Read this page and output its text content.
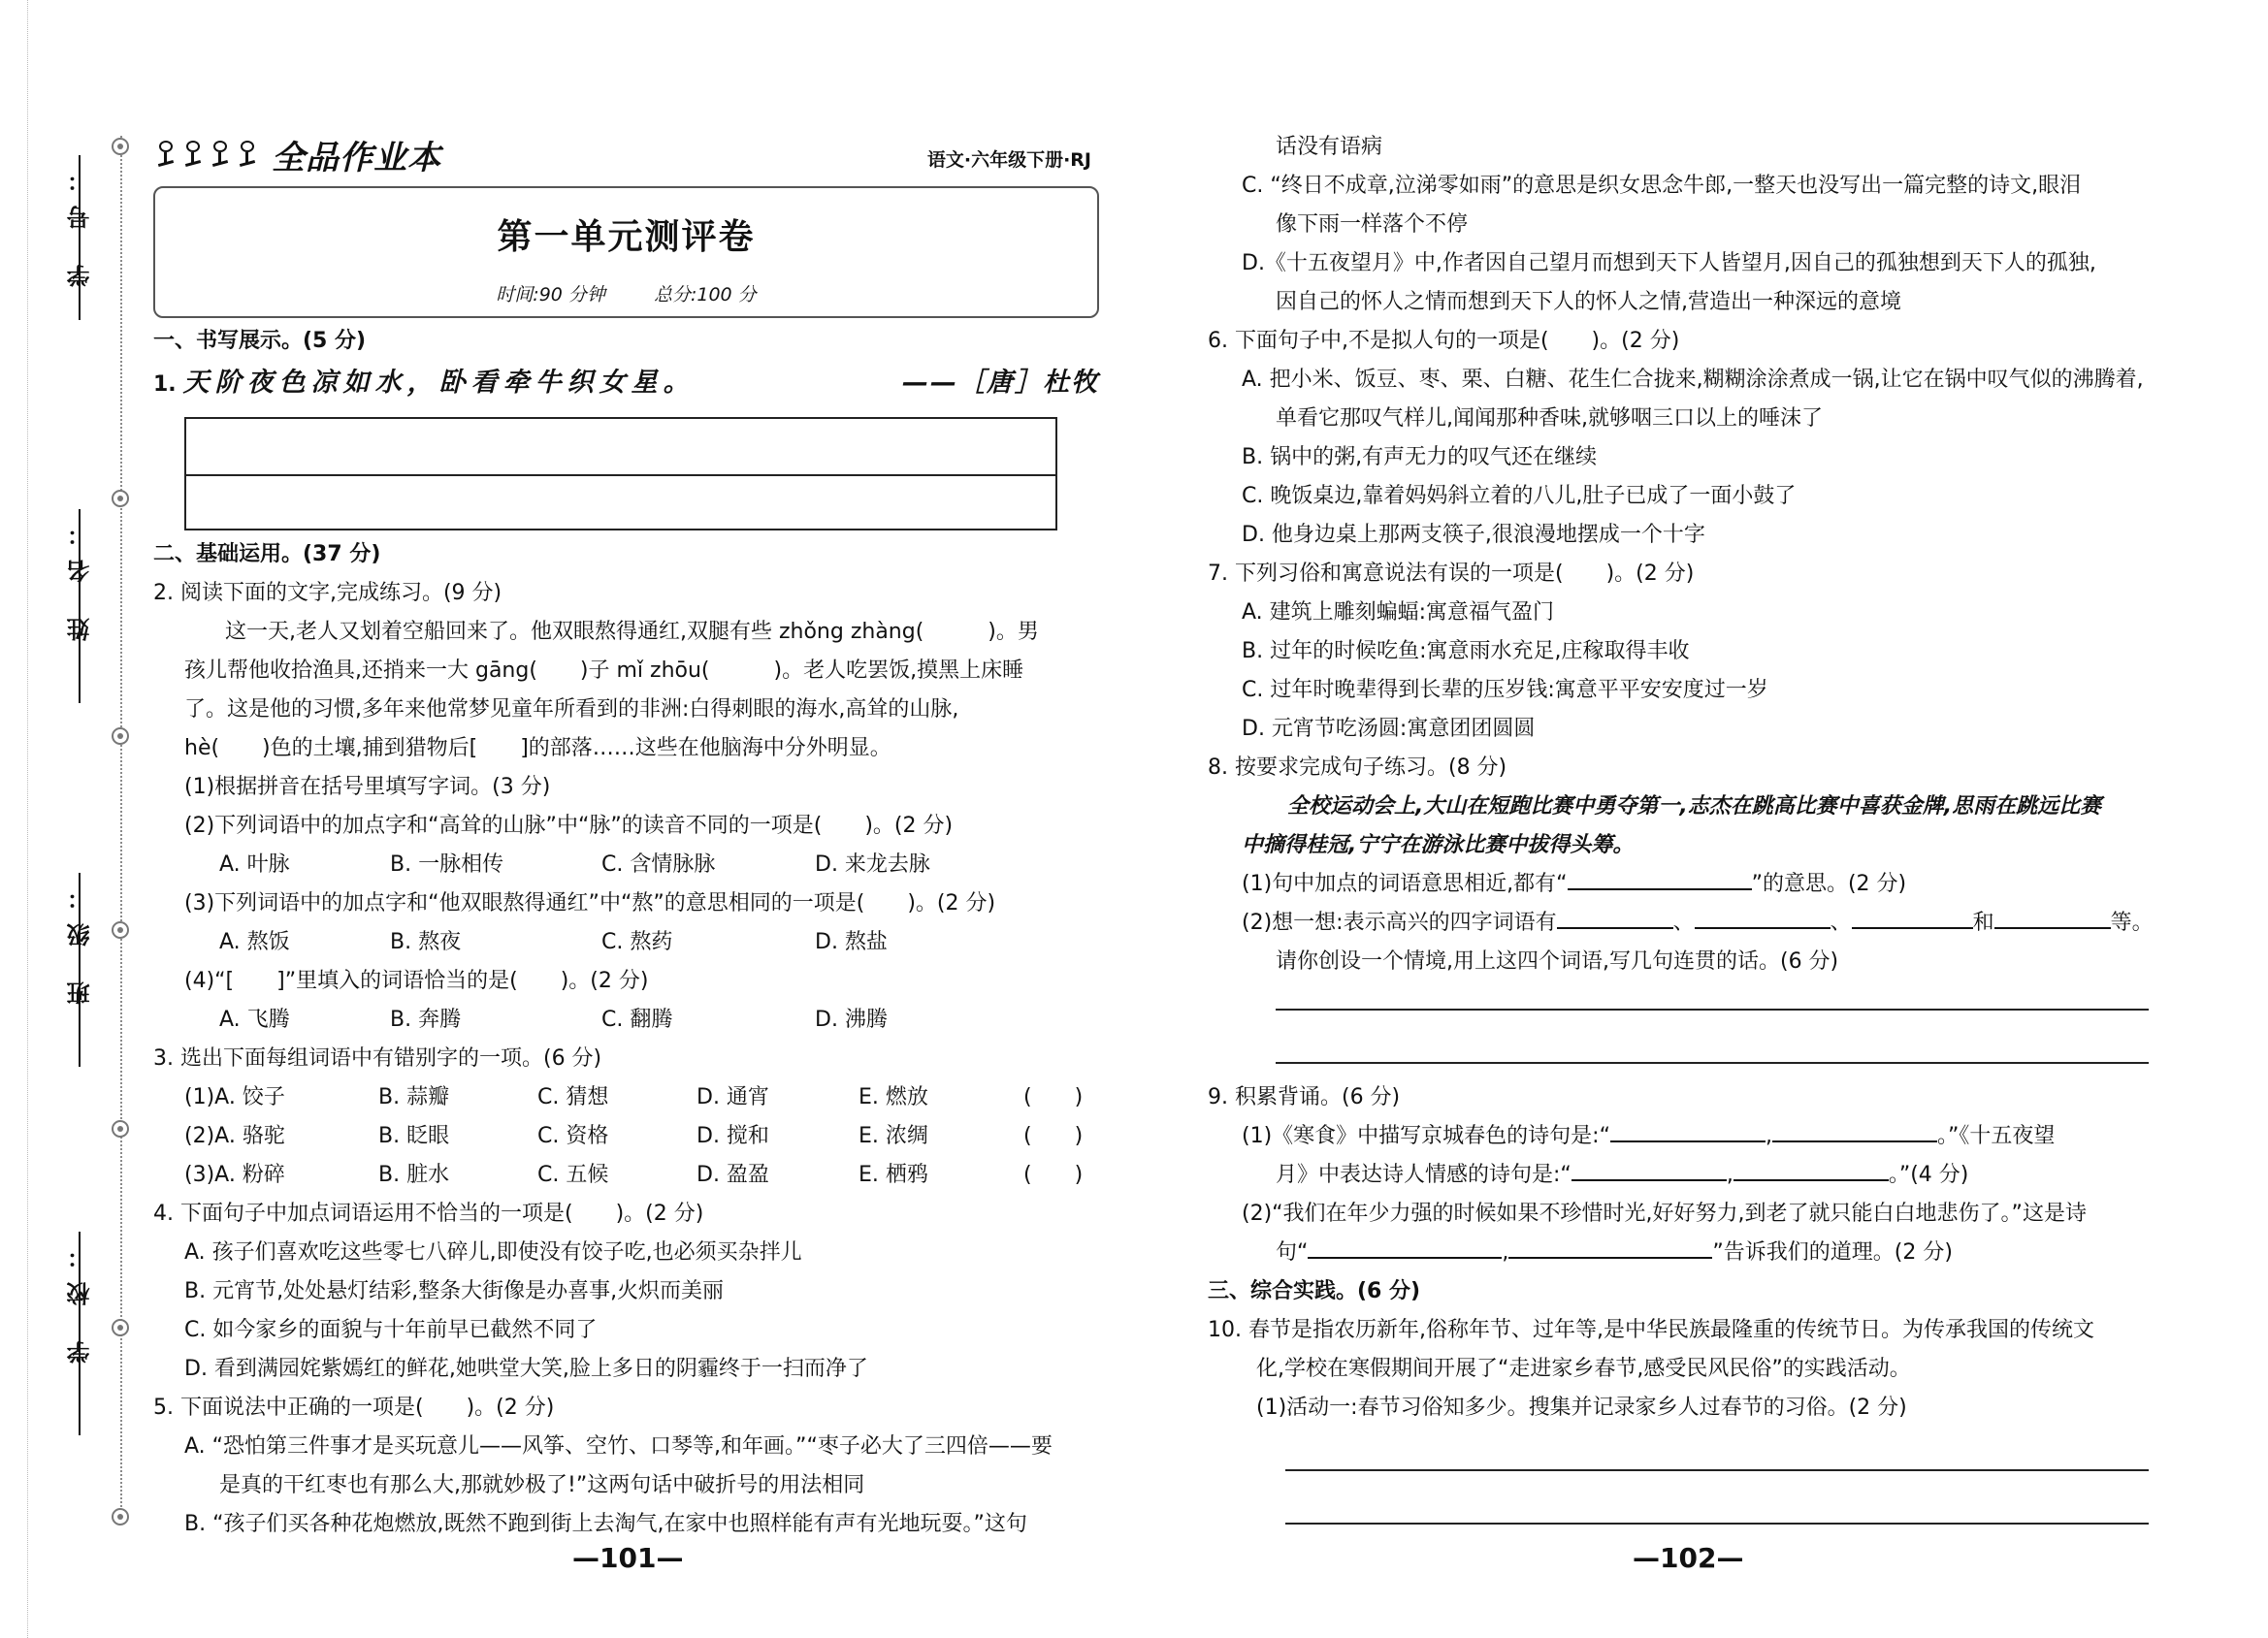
学 号：
姓 名：
班 级：
学 校：
全品作业本	语文·六年级下册·RJ
第一单元测评卷
时间:90 分钟	总分:100 分
一、书写展示。(5 分)
1. 天阶夜色凉如水，卧看牵牛织女星。	——［唐］杜牧
二、基础运用。(37 分)
2. 阅读下面的文字,完成练习。(9 分)
这一天,老人又划着空船回来了。他双眼熬得通红,双腿有些 zhǒng zhàng(　　　)。男
孩儿帮他收拾渔具,还捎来一大 gāng(　　)子 mǐ zhōu(　　　)。老人吃罢饭,摸黑上床睡
了。这是他的习惯,多年来他常梦见童年所看到的非洲:白得刺眼的海水,高耸的山脉,
hè(　　)色的土壤,捕到猎物后[　　]的部落……这些在他脑海中分外明显。
(1)根据拼音在括号里填写字词。(3 分)
(2)下列词语中的加点字和“高耸的山脉”中“脉”的读音不同的一项是(　　)。(2 分)
A. 叶脉	B. 一脉相传	C. 含情脉脉	D. 来龙去脉
(3)下列词语中的加点字和“他双眼熬得通红”中“熬”的意思相同的一项是(　　)。(2 分)
A. 熬饭	B. 熬夜	C. 熬药	D. 熬盐
(4)“[　　]”里填入的词语恰当的是(　　)。(2 分)
A. 飞腾	B. 奔腾	C. 翻腾	D. 沸腾
3. 选出下面每组词语中有错别字的一项。(6 分)
(1)A. 饺子	B. 蒜瓣	C. 猜想	D. 通宵	E. 燃放	(　　)
(2)A. 骆驼	B. 眨眼	C. 资格	D. 搅和	E. 浓绸	(　　)
(3)A. 粉碎	B. 脏水	C. 五候	D. 盈盈	E. 栖鸦	(　　)
4. 下面句子中加点词语运用不恰当的一项是(　　)。(2 分)
A. 孩子们喜欢吃这些零七八碎儿,即使没有饺子吃,也必须买杂拌儿
B. 元宵节,处处悬灯结彩,整条大街像是办喜事,火炽而美丽
C. 如今家乡的面貌与十年前早已截然不同了
D. 看到满园姹紫嫣红的鲜花,她哄堂大笑,脸上多日的阴霾终于一扫而净了
5. 下面说法中正确的一项是(　　)。(2 分)
A. “恐怕第三件事才是买玩意儿——风筝、空竹、口琴等,和年画。”“枣子必大了三四倍——要
是真的干红枣也有那么大,那就妙极了!”这两句话中破折号的用法相同
B. “孩子们买各种花炮燃放,既然不跑到街上去淘气,在家中也照样能有声有光地玩耍。”这句
—101—
话没有语病
C. “终日不成章,泣涕零如雨”的意思是织女思念牛郎,一整天也没写出一篇完整的诗文,眼泪
像下雨一样落个不停
D.《十五夜望月》中,作者因自己望月而想到天下人皆望月,因自己的孤独想到天下人的孤独,
因自己的怀人之情而想到天下人的怀人之情,营造出一种深远的意境
6. 下面句子中,不是拟人句的一项是(　　)。(2 分)
A. 把小米、饭豆、枣、栗、白糖、花生仁合拢来,糊糊涂涂煮成一锅,让它在锅中叹气似的沸腾着,
单看它那叹气样儿,闻闻那种香味,就够咽三口以上的唾沫了
B. 锅中的粥,有声无力的叹气还在继续
C. 晚饭桌边,靠着妈妈斜立着的八儿,肚子已成了一面小鼓了
D. 他身边桌上那两支筷子,很浪漫地摆成一个十字
7. 下列习俗和寓意说法有误的一项是(　　)。(2 分)
A. 建筑上雕刻蝙蝠:寓意福气盈门
B. 过年的时候吃鱼:寓意雨水充足,庄稼取得丰收
C. 过年时晚辈得到长辈的压岁钱:寓意平平安安度过一岁
D. 元宵节吃汤圆:寓意团团圆圆
8. 按要求完成句子练习。(8 分)
全校运动会上,大山在短跑比赛中勇夺第一,志杰在跳高比赛中喜获金牌,思雨在跳远比赛
中摘得桂冠,宁宁在游泳比赛中拔得头筹。
(1)句中加点的词语意思相近,都有“	”的意思。(2 分)
(2)想一想:表示高兴的四字词语有	、	、	和	等。
请你创设一个情境,用上这四个词语,写几句连贯的话。(6 分)
9. 积累背诵。(6 分)
(1)《寒食》中描写京城春色的诗句是:“	,	。”《十五夜望
月》中表达诗人情感的诗句是:“	,	。”(4 分)
(2)“我们在年少力强的时候如果不珍惜时光,好好努力,到老了就只能白白地悲伤了。”这是诗
句“	,	”告诉我们的道理。(2 分)
三、综合实践。(6 分)
10. 春节是指农历新年,俗称年节、过年等,是中华民族最隆重的传统节日。为传承我国的传统文
化,学校在寒假期间开展了“走进家乡春节,感受民风民俗”的实践活动。
(1)活动一:春节习俗知多少。搜集并记录家乡人过春节的习俗。(2 分)
—102—
